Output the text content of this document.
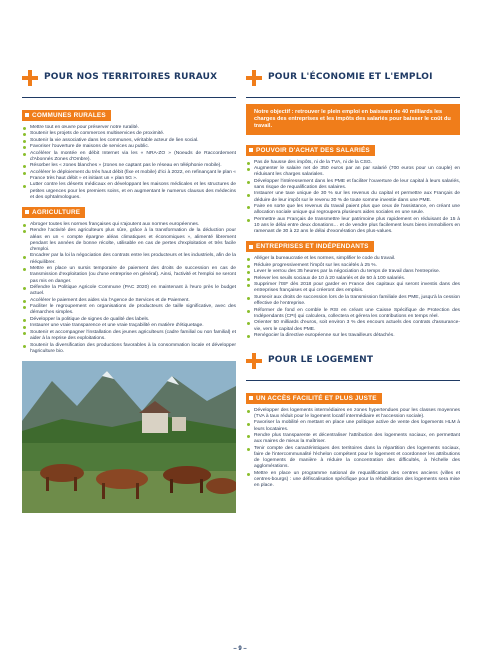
POUR NOS TERRITOIRES RURAUX
COMMUNES RURALES
Mettre tout en œuvre pour préserver notre ruralité.
Soutenir les projets de commerces multiservices de proximité.
Soutenir la vie associative dans les communes, véritable acteur de lien social.
Favoriser l'ouverture de maisons de services au public.
Accélérer la montée en débit Internet via les « NRA-ZO » (Noeuds de Raccordement d'Abonnés Zones d'Ombre).
Résorber les « zones blanches » (zones ne captant pas le réseau en téléphonie mobile).
Accélérer le déploiement du très haut débit (fixe et mobile) d'ici à 2022, en refinançant le plan « France très haut débit » et initiant un « plan 5G ».
Lutter contre les déserts médicaux en développant les maisons médicales et les structures de petites urgences pour les premiers soins, et en augmentant le numerus clausus des médecins et des ophtalmologues.
AGRICULTURE
Abroger toutes les normes françaises qui s'ajoutent aux normes européennes.
Rendre l'activité des agriculteurs plus sûre, grâce à la transformation de la déduction pour aléas en un « compte épargne aléas climatiques et économiques », alimenté librement pendant les années de bonne récolte, utilisable en cas de pertes d'exploitation et très facile d'emploi.
Encadrer par la loi la négociation des contrats entre les producteurs et les industriels, afin de la rééquilibrer.
Mettre en place un sursis temporaire de paiement des droits de succession en cas de transmission d'exploitation (ou d'une entreprise en général). Ainsi, l'activité et l'emploi ne seront pas mis en danger.
Défendre la Politique Agricole Commune (PAC 2020) en maintenant à l'euro près le budget actuel.
Accélérer le paiement des aides via l'Agence de Services et de Paiement.
Faciliter le regroupement en organisations de producteurs de taille significative, avec des démarches simples.
Développer la politique de signes de qualité des labels.
Instaurer une vraie transparence et une vraie traçabilité en matière d'étiquetage.
Soutenir et accompagner l'installation des jeunes agriculteurs (cadre familial ou non familial) et aider à la reprise des exploitations.
Soutenir la diversification des productions favorables à la consommation locale et développer l'agriculture bio.
POUR L'ÉCONOMIE ET L'EMPLOI
Notre objectif : retrouver le plein emploi en baissant de 40 milliards les charges des entreprises et les impôts des salariés pour baisser le coût du travail.
POUVOIR D'ACHAT DES SALARIÉS
Pas de hausse des impôts, ni de la TVA, ni de la CSG.
Augmenter le salaire net de 350 euros par an par salarié (700 euros pour un couple) en réduisant les charges salariales.
Développer l'intéressement dans les PME et faciliter l'ouverture de leur capital à leurs salariés, sans risque de requalification des salaires.
Instaurer une taxe unique de 30 % sur les revenus du capital et permettre aux Français de déduire de leur impôt sur le revenu 30 % de toute somme investie dans une PME.
Faire en sorte que les revenus du travail paient plus que ceux de l'assistance, en créant une allocation sociale unique qui regroupera plusieurs aides sociales en une seule.
Permettre aux Français de transmettre leur patrimoine plus rapidement en réduisant de 15 à 10 ans le délai entre deux donations… et de vendre plus facilement leurs biens immobiliers en ramenant de 30 à 22 ans le délai d'exonération des plus-values.
ENTREPRISES ET INDÉPENDANTS
Alléger la bureaucratie et les normes, simplifier le code du travail.
Réduire progressivement l'impôt sur les sociétés à 25 %.
Lever le verrou des 35 heures par la négociation du temps de travail dans l'entreprise.
Relever les seuils sociaux de 10 à 20 salariés et de 50 à 100 salariés.
Supprimer l'ISF dès 2018 pour garder en France des capitaux qui seront investis dans des entreprises françaises et qui créeront des emplois.
Surseoir aux droits de succession lors de la transmission familiale des PME, jusqu'à la cession effective de l'entreprise.
Réformer de fond en comble le RSI en créant une Caisse Spécifique de Protection des Indépendants (CPI) qui calculera, collectera et gérera les contributions en temps réel.
Orienter 50 milliards d'euros, soit environ 3 % des encours actuels des contrats d'assurance-vie, vers le capital des PME.
Renégocier la directive européenne sur les travailleurs détachés.
POUR LE LOGEMENT
UN ACCÈS FACILITÉ ET PLUS JUSTE
Développer des logements intermédiaires en zones hypertendues pour les classes moyennes (TVA à taux réduit pour le logement locatif intermédiaire et l'accession sociale).
Favoriser la mobilité en mettant en place une politique active de vente des logements HLM à leurs locataires.
Rendre plus transparente et décentraliser l'attribution des logements sociaux, en permettant aux maires de mieux la maîtriser.
Tenir compte des caractéristiques des territoires dans la répartition des logements sociaux, faire de l'intercommunalité l'échelon compétent pour le logement et coordonner les attributions de logements de manière à réduire la concentration des difficultés, à l'échelle des agglomérations.
Mettre en place un programme national de requalification des centres anciens (villes et centres-bourgs) : une défiscalisation spécifique pour la réhabilitation des logements sera mise en place.
– 9 –
